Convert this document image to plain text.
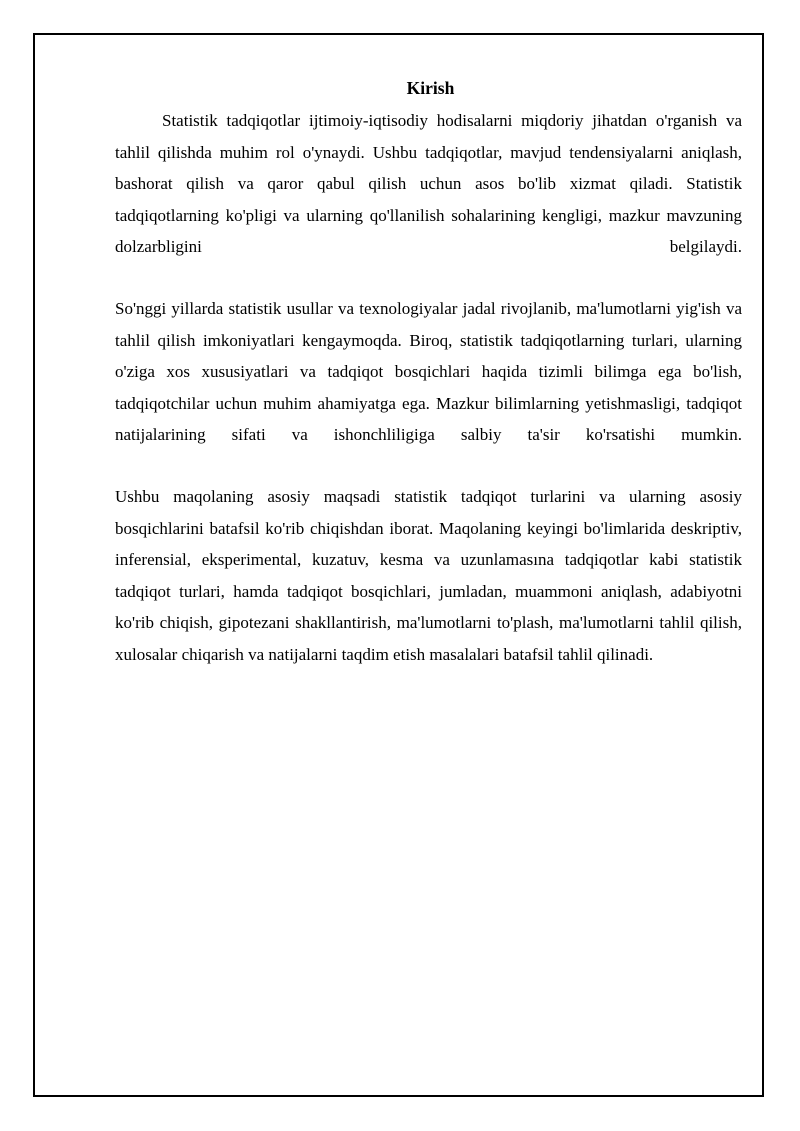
Kirish

Statistik tadqiqotlar ijtimoiy-iqtisodiy hodisalarni miqdoriy jihatdan o'rganish va tahlil qilishda muhim rol o'ynaydi. Ushbu tadqiqotlar, mavjud tendensiyalarni aniqlash, bashorat qilish va qaror qabul qilish uchun asos bo'lib xizmat qiladi. Statistik tadqiqotlarning ko'pligi va ularning qo'llanilish sohalarining kengligi, mazkur mavzuning dolzarbligini belgilaydi.

So'nggi yillarda statistik usullar va texnologiyalar jadal rivojlanib, ma'lumotlarni yig'ish va tahlil qilish imkoniyatlari kengaymoqda. Biroq, statistik tadqiqotlarning turlari, ularning o'ziga xos xususiyatlari va tadqiqot bosqichlari haqida tizimli bilimga ega bo'lish, tadqiqotchilar uchun muhim ahamiyatga ega. Mazkur bilimlarning yetishmasligi, tadqiqot natijalarining sifati va ishonchliligiga salbiy ta'sir ko'rsatishi mumkin.

Ushbu maqolaning asosiy maqsadi statistik tadqiqot turlarini va ularning asosiy bosqichlarini batafsil ko'rib chiqishdan iborat. Maqolaning keyingi bo'limlarida deskriptiv, inferensial, eksperimental, kuzatuv, kesma va uzunlamasına tadqiqotlar kabi statistik tadqiqot turlari, hamda tadqiqot bosqichlari, jumladan, muammoni aniqlash, adabiyotni ko'rib chiqish, gipotezani shakllantirish, ma'lumotlarni to'plash, ma'lumotlarni tahlil qilish, xulosalar chiqarish va natijalarni taqdim etish masalalari batafsil tahlil qilinadi.
